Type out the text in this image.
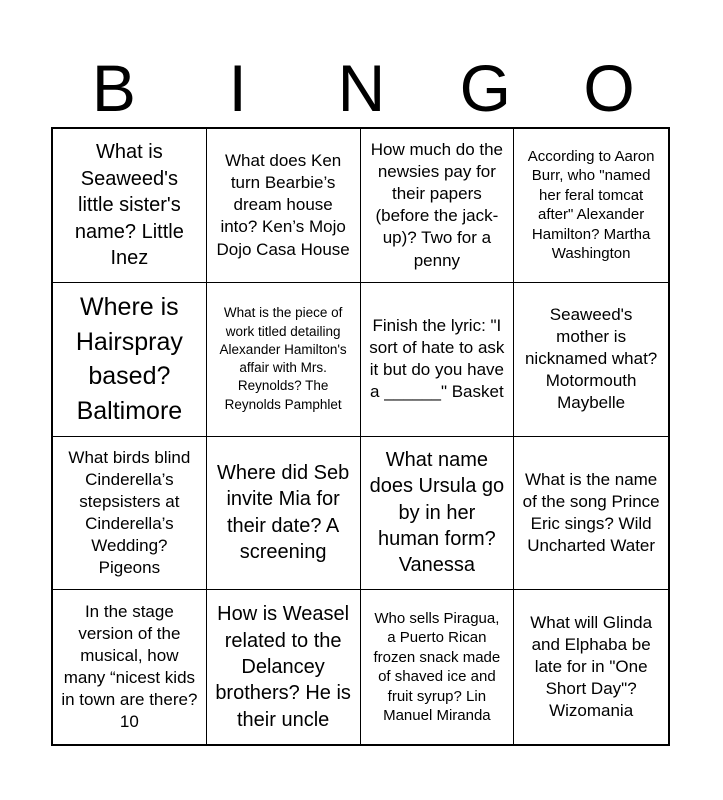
B	I	N	G	O
What is Seaweed's little sister's name? Little Inez
What does Ken turn Bearbie’s dream house into? Ken’s Mojo Dojo Casa House
How much do the newsies pay for their papers (before the jack-up)? Two for a penny
According to Aaron Burr, who "named her feral tomcat after" Alexander Hamilton? Martha Washington
Where is Hairspray based? Baltimore
What is the piece of work titled detailing Alexander Hamilton's affair with Mrs. Reynolds? The Reynolds Pamphlet
Finish the lyric: "I sort of hate to ask it but do you have a ______" Basket
Seaweed's mother is nicknamed what? Motormouth Maybelle
What birds blind Cinderella’s stepsisters at Cinderella’s Wedding? Pigeons
Where did Seb invite Mia for their date? A screening
What name does Ursula go by in her human form? Vanessa
What is the name of the song Prince Eric sings? Wild Uncharted Water
In the stage version of the musical, how many “nicest kids in town are there? 10
How is Weasel related to the Delancey brothers? He is their uncle
Who sells Piragua, a Puerto Rican frozen snack made of shaved ice and fruit syrup? Lin Manuel Miranda
What will Glinda and Elphaba be late for in "One Short Day"? Wizomania
